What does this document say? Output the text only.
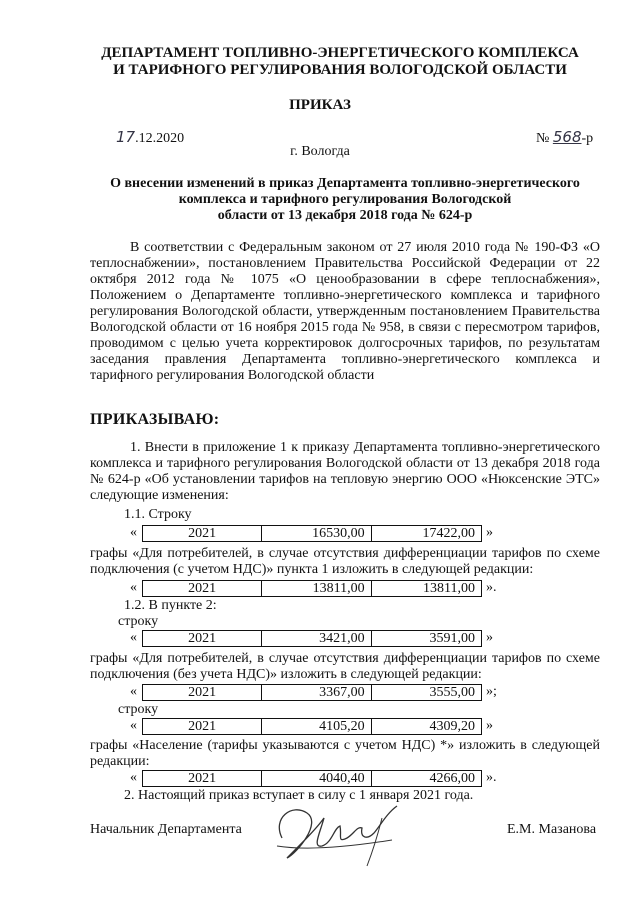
ДЕПАРТАМЕНТ ТОПЛИВНО-ЭНЕРГЕТИЧЕСКОГО КОМПЛЕКСА
И ТАРИФНОГО РЕГУЛИРОВАНИЯ ВОЛОГОДСКОЙ ОБЛАСТИ
ПРИКАЗ
17.12.2020	№ 568-р
г. Вологда
О внесении изменений в приказ Департамента топливно-энергетического
комплекса и тарифного регулирования Вологодской
области от 13 декабря 2018 года № 624-р
В соответствии с Федеральным законом от 27 июля 2010 года № 190-ФЗ «О теплоснабжении», постановлением Правительства Российской Федерации от 22 октября 2012 года № 1075 «О ценообразовании в сфере теплоснабжения», Положением о Департаменте топливно-энергетического комплекса и тарифного регулирования Вологодской области, утвержденным постановлением Правительства Вологодской области от 16 ноября 2015 года № 958, в связи с пересмотром тарифов, проводимом с целью учета корректировок долгосрочных тарифов, по результатам заседания правления Департамента топливно-энергетического комплекса и тарифного регулирования Вологодской области
ПРИКАЗЫВАЮ:
1. Внести в приложение 1 к приказу Департамента топливно-энергетического комплекса и тарифного регулирования Вологодской области от 13 декабря 2018 года № 624-р «Об установлении тарифов на тепловую энергию ООО «Нюксенские ЭТС» следующие изменения:
1.1. Строку
«	2021	16530,00	17422,00 »
графы «Для потребителей, в случае отсутствия дифференциации тарифов по схеме подключения (с учетом НДС)» пункта 1 изложить в следующей редакции:
«	2021	13811,00	13811,00 ».
1.2. В пункте 2:
строку
«	2021	3421,00	3591,00 »
графы «Для потребителей, в случае отсутствия дифференциации тарифов по схеме подключения (без учета НДС)» изложить в следующей редакции:
«	2021	3367,00	3555,00 »;
строку
«	2021	4105,20	4309,20 »
графы «Население (тарифы указываются с учетом НДС) *» изложить в следующей редакции:
«	2021	4040,40	4266,00 ».
2. Настоящий приказ вступает в силу с 1 января 2021 года.
Начальник Департамента	Е.М. Мазанова
